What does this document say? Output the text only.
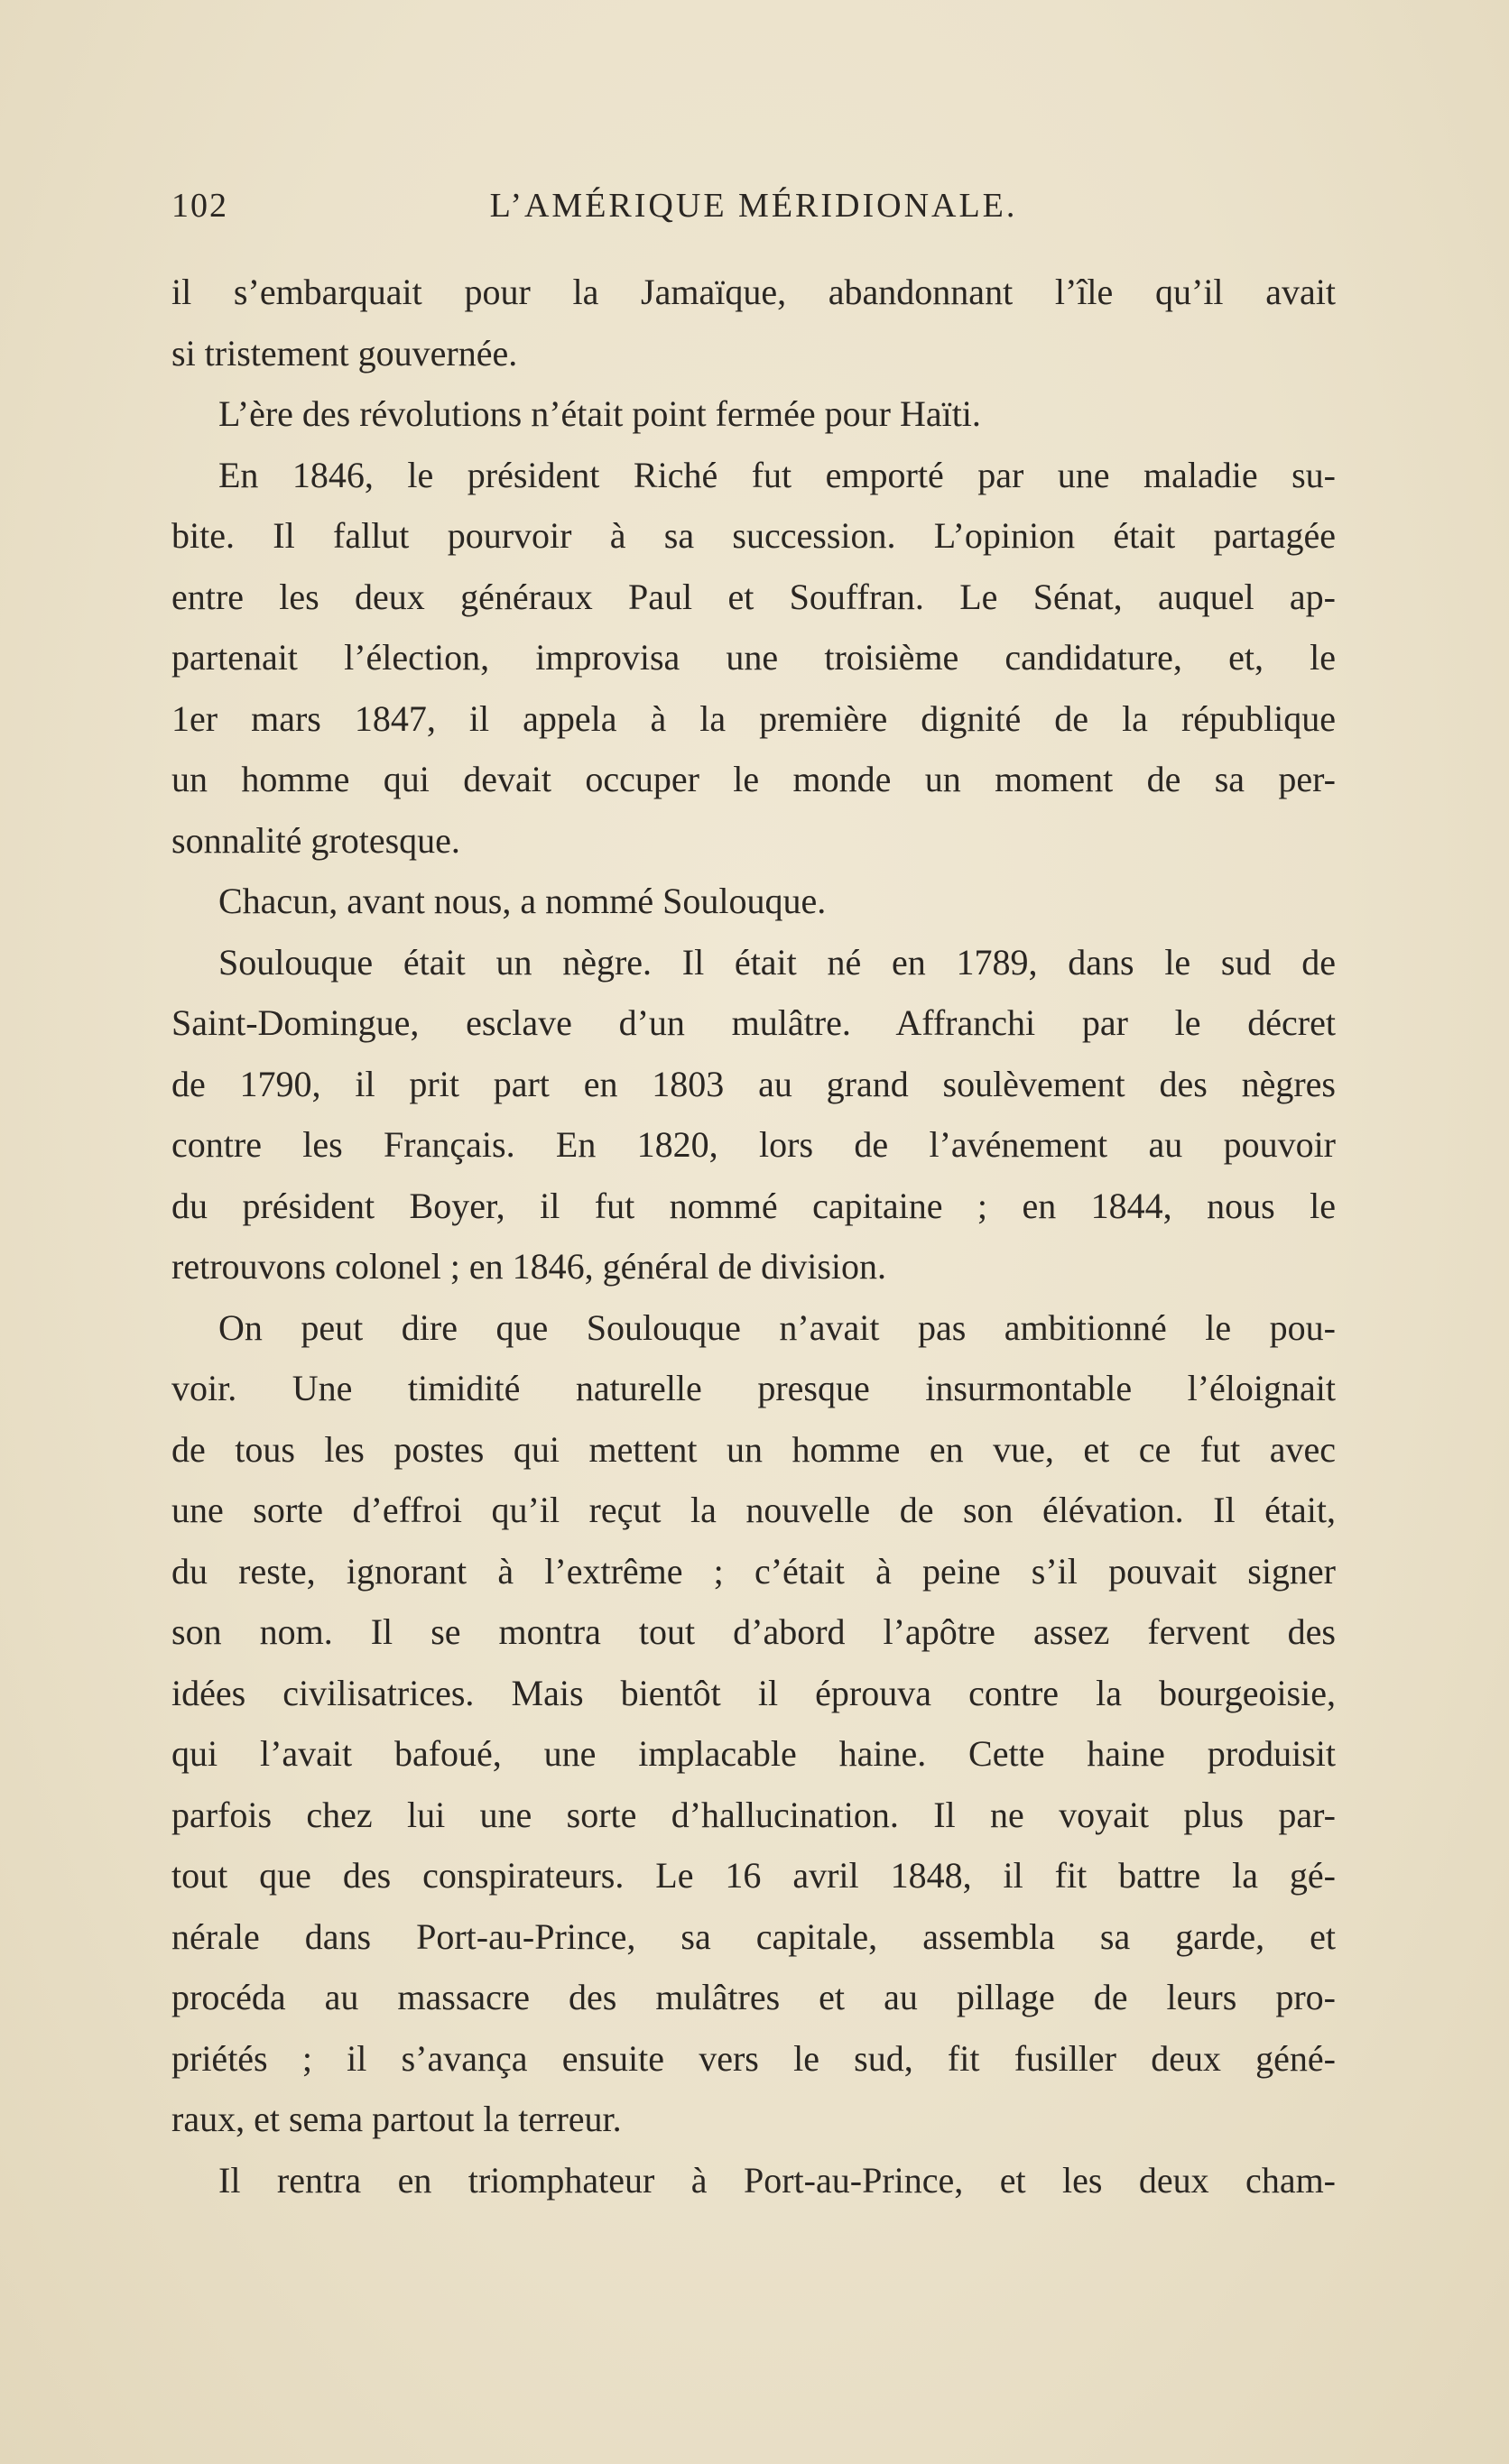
102	L’AMÉRIQUE MÉRIDIONALE.
il s’embarquait pour la Jamaïque, abandonnant l’île qu’il avait
si tristement gouvernée.
L’ère des révolutions n’était point fermée pour Haïti.
En 1846, le président Riché fut emporté par une maladie su-
bite. Il fallut pourvoir à sa succession. L’opinion était partagée
entre les deux généraux Paul et Souffran. Le Sénat, auquel ap-
partenait l’élection, improvisa une troisième candidature, et, le
1er mars 1847, il appela à la première dignité de la république
un homme qui devait occuper le monde un moment de sa per-
sonnalité grotesque.
Chacun, avant nous, a nommé Soulouque.
Soulouque était un nègre. Il était né en 1789, dans le sud de
Saint-Domingue, esclave d’un mulâtre. Affranchi par le décret
de 1790, il prit part en 1803 au grand soulèvement des nègres
contre les Français. En 1820, lors de l’avénement au pouvoir
du président Boyer, il fut nommé capitaine ; en 1844, nous le
retrouvons colonel ; en 1846, général de division.
On peut dire que Soulouque n’avait pas ambitionné le pou-
voir. Une timidité naturelle presque insurmontable l’éloignait
de tous les postes qui mettent un homme en vue, et ce fut avec
une sorte d’effroi qu’il reçut la nouvelle de son élévation. Il était,
du reste, ignorant à l’extrême ; c’était à peine s’il pouvait signer
son nom. Il se montra tout d’abord l’apôtre assez fervent des
idées civilisatrices. Mais bientôt il éprouva contre la bourgeoisie,
qui l’avait bafoué, une implacable haine. Cette haine produisit
parfois chez lui une sorte d’hallucination. Il ne voyait plus par-
tout que des conspirateurs. Le 16 avril 1848, il fit battre la gé-
nérale dans Port-au-Prince, sa capitale, assembla sa garde, et
procéda au massacre des mulâtres et au pillage de leurs pro-
priétés ; il s’avança ensuite vers le sud, fit fusiller deux géné-
raux, et sema partout la terreur.
Il rentra en triomphateur à Port-au-Prince, et les deux cham-
